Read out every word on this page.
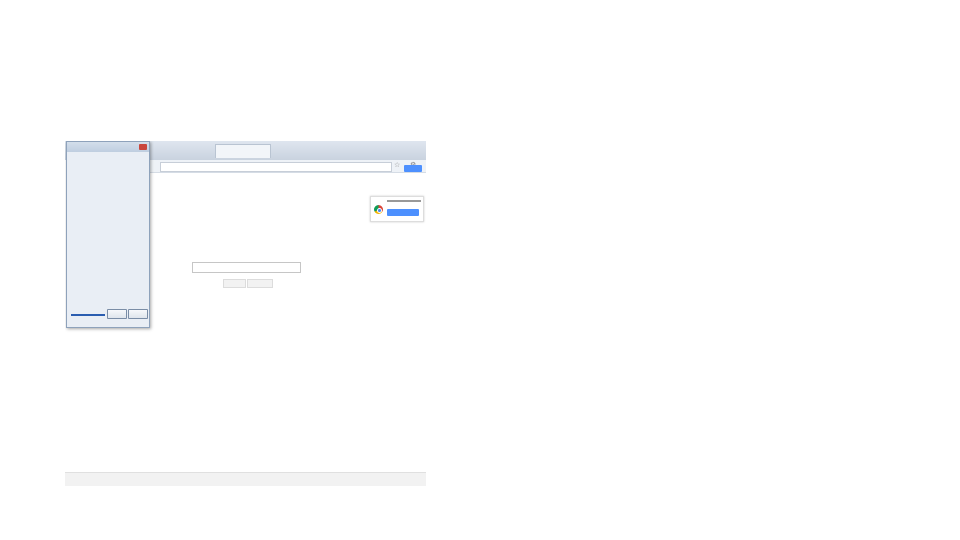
☆
